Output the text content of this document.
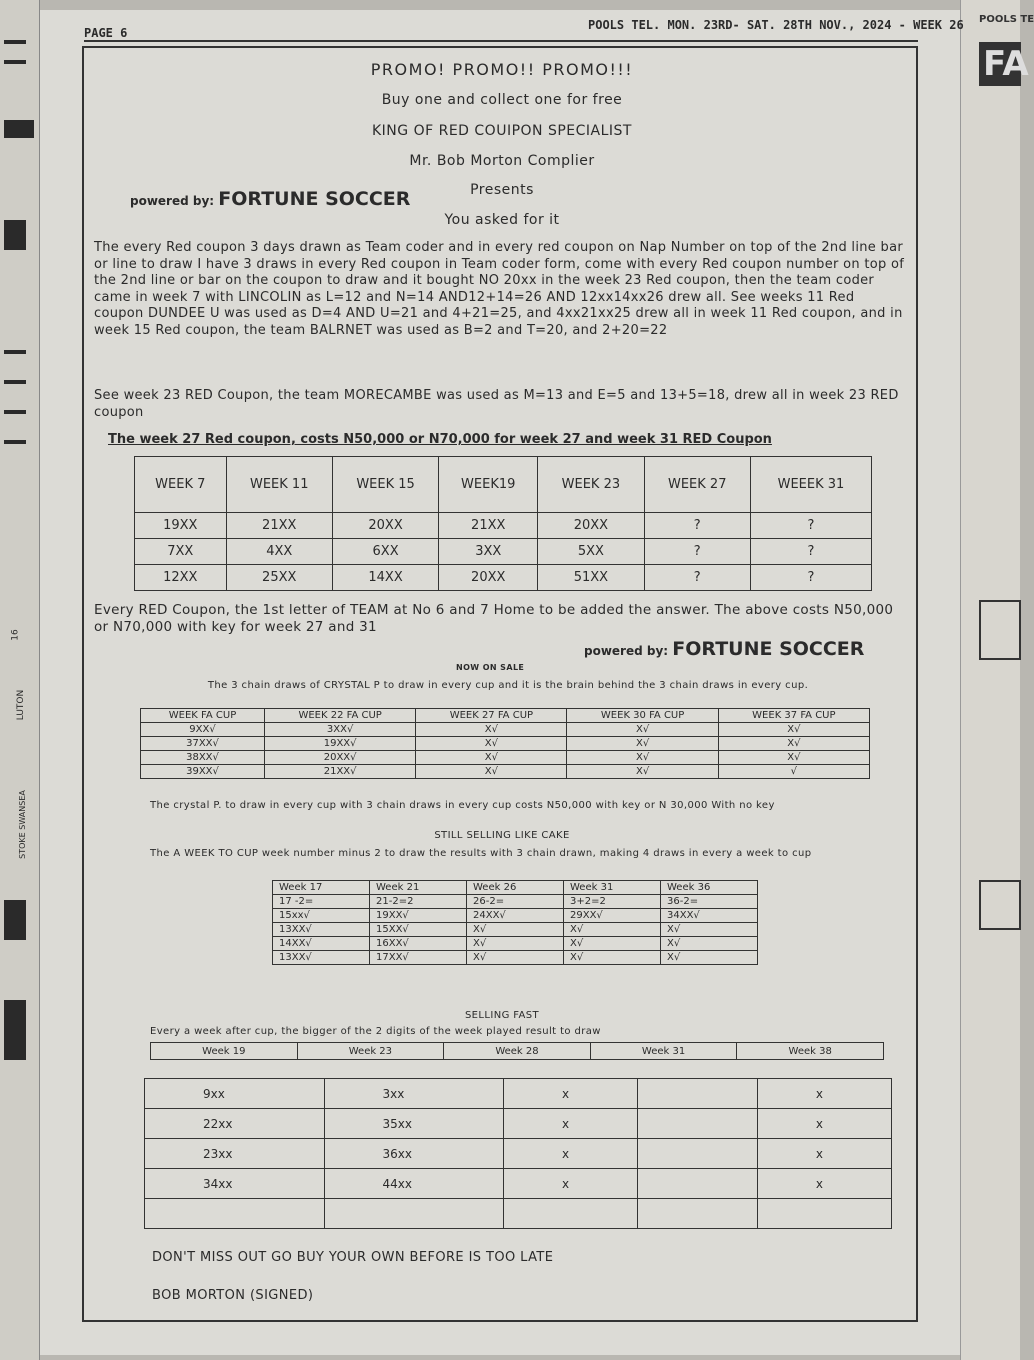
LUTON
16
STOKE SWANSEA
POOLS TE
FA
PAGE 6
POOLS TEL. MON. 23RD- SAT. 28TH NOV., 2024 - WEEK 26
PROMO! PROMO!! PROMO!!!
Buy one and collect one for free
KING OF RED COUIPON SPECIALIST
Mr. Bob Morton Complier
Presents
powered by: FORTUNE SOCCER
You asked for it
The every Red coupon 3 days drawn as Team coder and in every red coupon on Nap Number on top of the 2nd line bar or line to draw I have 3 draws in every Red coupon in Team coder form, come with every Red coupon number on top of the 2nd line or bar on the coupon to draw and it bought NO 20xx in the week 23 Red coupon, then the team coder came in week 7 with LINCOLIN as L=12 and N=14 AND12+14=26 AND 12xx14xx26 drew all. See weeks 11 Red coupon DUNDEE U was used as D=4 AND U=21 and 4+21=25, and 4xx21xx25 drew all in week 11 Red coupon, and in week 15 Red coupon, the team BALRNET was used as B=2 and T=20, and 2+20=22
See week 23 RED Coupon, the team MORECAMBE was used as M=13 and E=5 and 13+5=18, drew all in week 23 RED coupon
The week 27 Red coupon, costs N50,000 or N70,000 for week 27 and week 31 RED Coupon
WEEK 7	WEEK 11	WEEK 15	WEEK19	WEEK 23	WEEK 27	WEEEK 31
19XX	21XX	20XX	21XX	20XX	?	?
7XX	4XX	6XX	3XX	5XX	?	?
12XX	25XX	14XX	20XX	51XX	?	?
Every RED Coupon, the 1st letter of TEAM at No 6 and 7 Home to be added the answer. The above costs N50,000 or N70,000 with key for week 27 and 31
powered by: FORTUNE SOCCER
NOW ON SALE
The 3 chain draws of CRYSTAL P to draw in every cup and it is the brain behind the 3 chain draws in every cup.
WEEK FA CUP	WEEK 22 FA CUP	WEEK 27 FA CUP	WEEK 30 FA CUP	WEEK 37 FA CUP
9XX√	3XX√	X√	X√	X√
37XX√	19XX√	X√	X√	X√
38XX√	20XX√	X√	X√	X√
39XX√	21XX√	X√	X√	√
The crystal P. to draw in every cup with 3 chain draws in every cup costs N50,000 with key or N 30,000 With no key
STILL SELLING LIKE CAKE
The A WEEK TO CUP week number minus 2 to draw the results with 3 chain drawn, making 4 draws in every a week to cup
Week 17	Week 21	Week 26	Week 31	Week 36
17 -2=	21-2=2	26-2=	3+2=2	36-2=
15xx√	19XX√	24XX√	29XX√	34XX√
13XX√	15XX√	X√	X√	X√
14XX√	16XX√	X√	X√	X√
13XX√	17XX√	X√	X√	X√
SELLING FAST
Every a week after cup, the bigger of the 2 digits of the week played result to draw
Week 19	Week 23	Week 28	Week 31	Week 38
9xx	3xx	x		x
22xx	35xx	x		x
23xx	36xx	x		x
34xx	44xx	x		x

DON'T MISS OUT GO BUY YOUR OWN BEFORE IS TOO LATE
BOB MORTON (SIGNED)
